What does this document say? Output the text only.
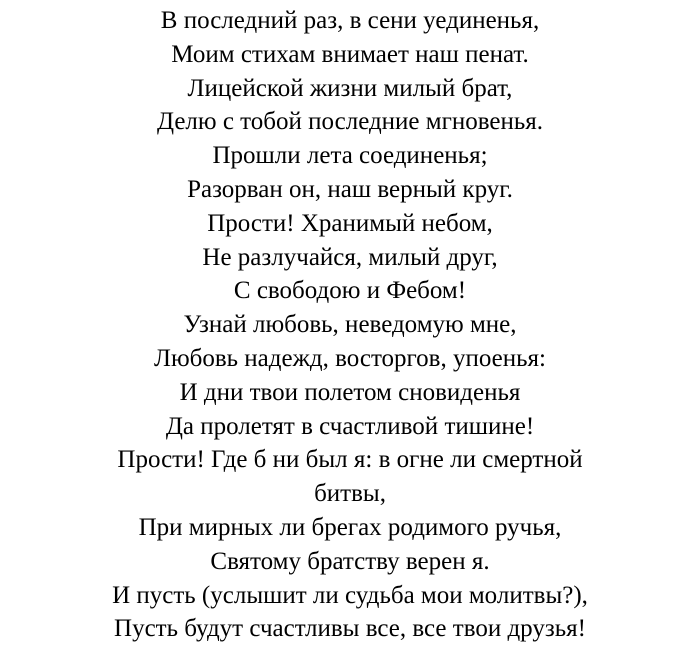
В последний раз, в сени уединенья,
Моим стихам внимает наш пенат.
Лицейской жизни милый брат,
Делю с тобой последние мгновенья.
Прошли лета соединенья;
Разорван он, наш верный круг.
Прости! Хранимый небом,
Не разлучайся, милый друг,
С свободою и Фебом!
Узнай любовь, неведомую мне,
Любовь надежд, восторгов, упоенья:
И дни твои полетом сновиденья
Да пролетят в счастливой тишине!
Прости! Где б ни был я: в огне ли смертной
битвы,
При мирных ли брегах родимого ручья,
Святому братству верен я.
И пусть (услышит ли судьба мои молитвы?),
Пусть будут счастливы все, все твои друзья!
